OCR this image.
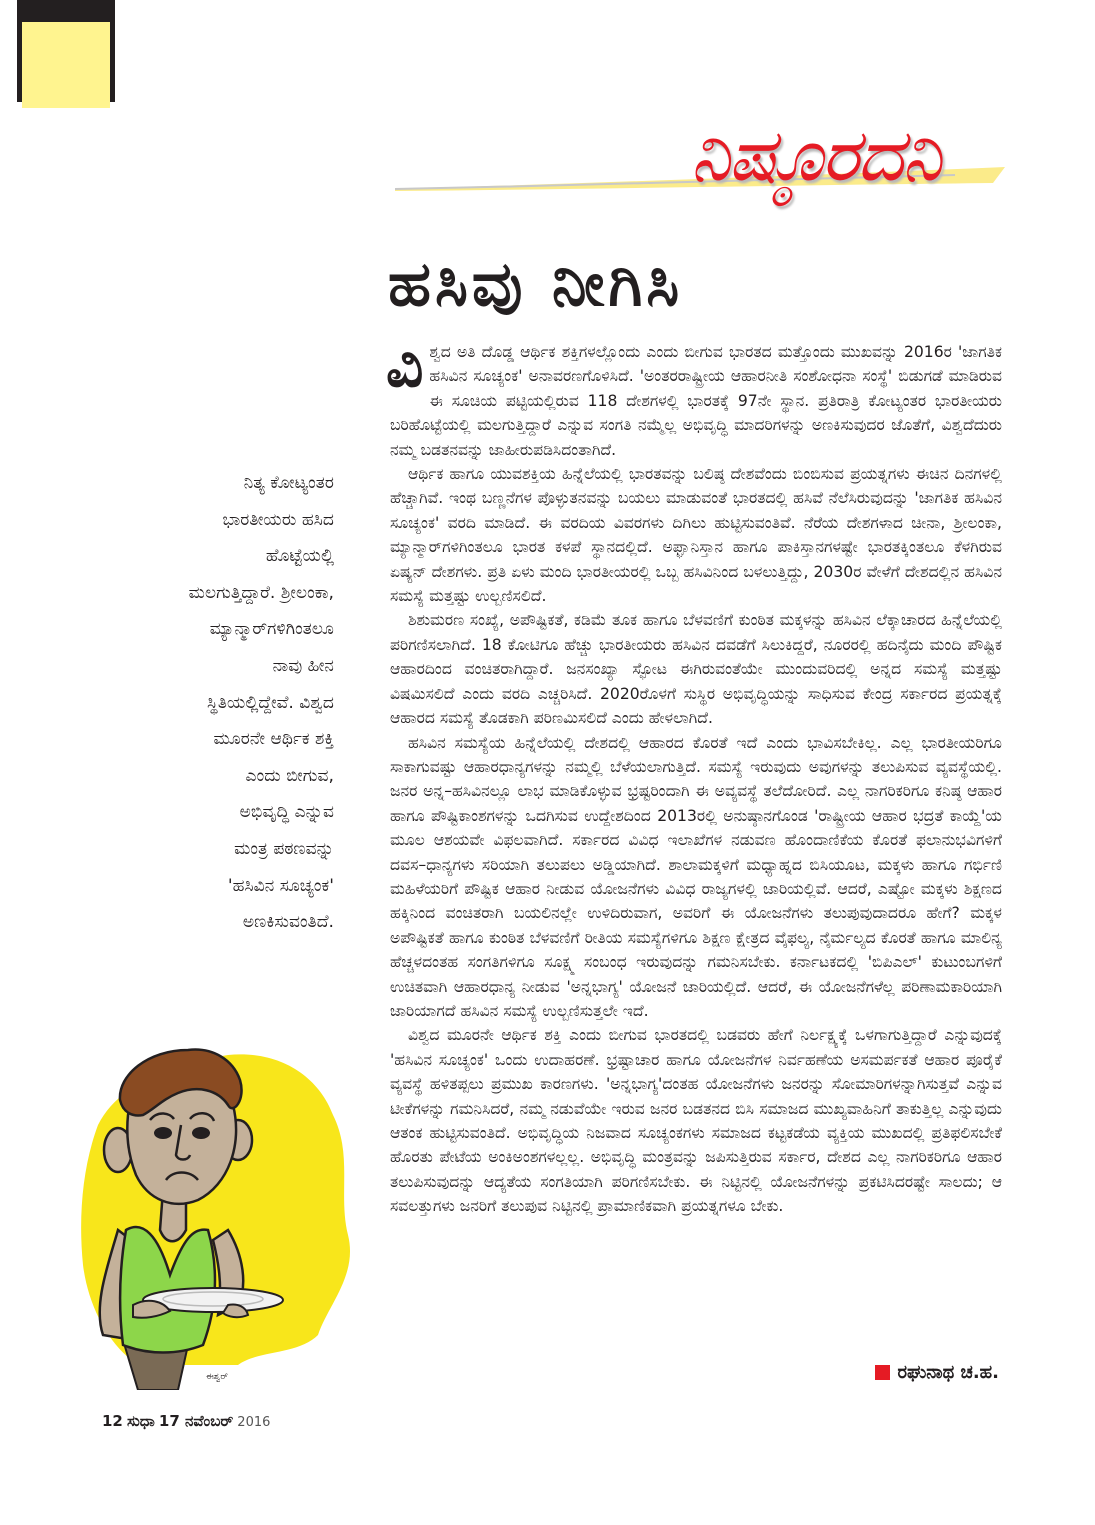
ನಿಷ್ಠೂರದನಿ
ಹಸಿವು ನೀಗಿಸಿ

ವಿಶ್ವದ ಅತಿ ದೊಡ್ಡ ಆರ್ಥಿಕ ಶಕ್ತಿಗಳಲ್ಲೊಂದು ಎಂದು ಬೀಗುವ ಭಾರತದ ಮತ್ತೊಂದು ಮುಖವನ್ನು 2016ರ 'ಜಾಗತಿಕ ಹಸಿವಿನ ಸೂಚ್ಯಂಕ' ಅನಾವರಣಗೊಳಿಸಿದೆ. 'ಅಂತರರಾಷ್ಟ್ರೀಯ ಆಹಾರನೀತಿ ಸಂಶೋಧನಾ ಸಂಸ್ಥೆ' ಬಿಡುಗಡೆ ಮಾಡಿರುವ ಈ ಸೂಚಿಯ ಪಟ್ಟಿಯಲ್ಲಿರುವ 118 ದೇಶಗಳಲ್ಲಿ ಭಾರತಕ್ಕೆ 97ನೇ ಸ್ಥಾನ. ಪ್ರತಿರಾತ್ರಿ ಕೋಟ್ಯಂತರ ಭಾರತೀಯರು ಬರಿಹೊಟ್ಟೆಯಲ್ಲಿ ಮಲಗುತ್ತಿದ್ದಾರೆ ಎನ್ನುವ ಸಂಗತಿ ನಮ್ಮೆಲ್ಲ ಅಭಿವೃದ್ಧಿ ಮಾದರಿಗಳನ್ನು ಅಣಕಿಸುವುದರ ಜೊತೆಗೆ, ವಿಶ್ವದೆದುರು ನಮ್ಮ ಬಡತನವನ್ನು ಜಾಹೀರುಪಡಿಸಿದಂತಾಗಿದೆ.

ಆರ್ಥಿಕ ಹಾಗೂ ಯುವಶಕ್ತಿಯ ಹಿನ್ನೆಲೆಯಲ್ಲಿ ಭಾರತವನ್ನು ಬಲಿಷ್ಠ ದೇಶವೆಂದು ಬಿಂಬಿಸುವ ಪ್ರಯತ್ನಗಳು ಈಚಿನ ದಿನಗಳಲ್ಲಿ ಹೆಚ್ಚಾಗಿವೆ. ಇಂಥ ಬಣ್ಣನೆಗಳ ಪೊಳ್ಳುತನವನ್ನು ಬಯಲು ಮಾಡುವಂತೆ ಭಾರತದಲ್ಲಿ ಹಸಿವೆ ನೆಲೆಸಿರುವುದನ್ನು 'ಜಾಗತಿಕ ಹಸಿವಿನ ಸೂಚ್ಯಂಕ' ವರದಿ ಮಾಡಿದೆ. ಈ ವರದಿಯ ವಿವರಗಳು ದಿಗಿಲು ಹುಟ್ಟಿಸುವಂತಿವೆ. ನೆರೆಯ ದೇಶಗಳಾದ ಚೀನಾ, ಶ್ರೀಲಂಕಾ, ಮ್ಯಾನ್ಮಾರ್‌ಗಳಿಗಿಂತಲೂ ಭಾರತ ಕಳಪೆ ಸ್ಥಾನದಲ್ಲಿದೆ. ಅಫ್ಘಾನಿಸ್ತಾನ ಹಾಗೂ ಪಾಕಿಸ್ತಾನಗಳಷ್ಟೇ ಭಾರತಕ್ಕಿಂತಲೂ ಕೆಳಗಿರುವ ಏಷ್ಯನ್ ದೇಶಗಳು. ಪ್ರತಿ ಏಳು ಮಂದಿ ಭಾರತೀಯರಲ್ಲಿ ಒಬ್ಬ ಹಸಿವಿನಿಂದ ಬಳಲುತ್ತಿದ್ದು, 2030ರ ವೇಳೆಗೆ ದೇಶದಲ್ಲಿನ ಹಸಿವಿನ ಸಮಸ್ಯೆ ಮತ್ತಷ್ಟು ಉಲ್ಬಣಿಸಲಿದೆ.

ಶಿಶುಮರಣ ಸಂಖ್ಯೆ, ಅಪೌಷ್ಟಿಕತೆ, ಕಡಿಮೆ ತೂಕ ಹಾಗೂ ಬೆಳವಣಿಗೆ ಕುಂಠಿತ ಮಕ್ಕಳನ್ನು ಹಸಿವಿನ ಲೆಕ್ಕಾಚಾರದ ಹಿನ್ನೆಲೆಯಲ್ಲಿ ಪರಿಗಣಿಸಲಾಗಿದೆ. 18 ಕೋಟಿಗೂ ಹೆಚ್ಚು ಭಾರತೀಯರು ಹಸಿವಿನ ದವಡೆಗೆ ಸಿಲುಕಿದ್ದರೆ, ನೂರರಲ್ಲಿ ಹದಿನೈದು ಮಂದಿ ಪೌಷ್ಟಿಕ ಆಹಾರದಿಂದ ವಂಚಿತರಾಗಿದ್ದಾರೆ. ಜನಸಂಖ್ಯಾ ಸ್ಫೋಟ ಈಗಿರುವಂತೆಯೇ ಮುಂದುವರಿದಲ್ಲಿ ಅನ್ನದ ಸಮಸ್ಯೆ ಮತ್ತಷ್ಟು ವಿಷಮಿಸಲಿದೆ ಎಂದು ವರದಿ ಎಚ್ಚರಿಸಿದೆ. 2020ರೊಳಗೆ ಸುಸ್ಥಿರ ಅಭಿವೃದ್ಧಿಯನ್ನು ಸಾಧಿಸುವ ಕೇಂದ್ರ ಸರ್ಕಾರದ ಪ್ರಯತ್ನಕ್ಕೆ ಆಹಾರದ ಸಮಸ್ಯೆ ತೊಡಕಾಗಿ ಪರಿಣಮಿಸಲಿದೆ ಎಂದು ಹೇಳಲಾಗಿದೆ.

ಹಸಿವಿನ ಸಮಸ್ಯೆಯ ಹಿನ್ನೆಲೆಯಲ್ಲಿ ದೇಶದಲ್ಲಿ ಆಹಾರದ ಕೊರತೆ ಇದೆ ಎಂದು ಭಾವಿಸಬೇಕಿಲ್ಲ. ಎಲ್ಲ ಭಾರತೀಯರಿಗೂ ಸಾಕಾಗುವಷ್ಟು ಆಹಾರಧಾನ್ಯಗಳನ್ನು ನಮ್ಮಲ್ಲಿ ಬೆಳೆಯಲಾಗುತ್ತಿದೆ. ಸಮಸ್ಯೆ ಇರುವುದು ಅವುಗಳನ್ನು ತಲುಪಿಸುವ ವ್ಯವಸ್ಥೆಯಲ್ಲಿ. ಜನರ ಅನ್ನ–ಹಸಿವಿನಲ್ಲೂ ಲಾಭ ಮಾಡಿಕೊಳ್ಳುವ ಭ್ರಷ್ಟರಿಂದಾಗಿ ಈ ಅವ್ಯವಸ್ಥೆ ತಲೆದೋರಿದೆ. ಎಲ್ಲ ನಾಗರಿಕರಿಗೂ ಕನಿಷ್ಠ ಆಹಾರ ಹಾಗೂ ಪೌಷ್ಟಿಕಾಂಶಗಳನ್ನು ಒದಗಿಸುವ ಉದ್ದೇಶದಿಂದ 2013ರಲ್ಲಿ ಅನುಷ್ಠಾನಗೊಂಡ 'ರಾಷ್ಟ್ರೀಯ ಆಹಾರ ಭದ್ರತೆ ಕಾಯ್ದೆ'ಯ ಮೂಲ ಆಶಯವೇ ವಿಫಲವಾಗಿದೆ. ಸರ್ಕಾರದ ವಿವಿಧ ಇಲಾಖೆಗಳ ನಡುವಣ ಹೊಂದಾಣಿಕೆಯ ಕೊರತೆ ಫಲಾನುಭವಿಗಳಿಗೆ ದವಸ–ಧಾನ್ಯಗಳು ಸರಿಯಾಗಿ ತಲುಪಲು ಅಡ್ಡಿಯಾಗಿದೆ. ಶಾಲಾಮಕ್ಕಳಿಗೆ ಮಧ್ಯಾಹ್ನದ ಬಿಸಿಯೂಟ, ಮಕ್ಕಳು ಹಾಗೂ ಗರ್ಭಿಣಿ ಮಹಿಳೆಯರಿಗೆ ಪೌಷ್ಟಿಕ ಆಹಾರ ನೀಡುವ ಯೋಜನೆಗಳು ವಿವಿಧ ರಾಜ್ಯಗಳಲ್ಲಿ ಜಾರಿಯಲ್ಲಿವೆ. ಆದರೆ, ಎಷ್ಟೋ ಮಕ್ಕಳು ಶಿಕ್ಷಣದ ಹಕ್ಕಿನಿಂದ ವಂಚಿತರಾಗಿ ಬಯಲಿನಲ್ಲೇ ಉಳಿದಿರುವಾಗ, ಅವರಿಗೆ ಈ ಯೋಜನೆಗಳು ತಲುಪುವುದಾದರೂ ಹೇಗೆ? ಮಕ್ಕಳ ಅಪೌಷ್ಟಿಕತೆ ಹಾಗೂ ಕುಂಠಿತ ಬೆಳವಣಿಗೆ ರೀತಿಯ ಸಮಸ್ಯೆಗಳಿಗೂ ಶಿಕ್ಷಣ ಕ್ಷೇತ್ರದ ವೈಫಲ್ಯ, ನೈರ್ಮಲ್ಯದ ಕೊರತೆ ಹಾಗೂ ಮಾಲಿನ್ಯ ಹೆಚ್ಚಳದಂತಹ ಸಂಗತಿಗಳಿಗೂ ಸೂಕ್ಷ್ಮ ಸಂಬಂಧ ಇರುವುದನ್ನು ಗಮನಿಸಬೇಕು. ಕರ್ನಾಟಕದಲ್ಲಿ 'ಬಿಪಿಎಲ್' ಕುಟುಂಬಗಳಿಗೆ ಉಚಿತವಾಗಿ ಆಹಾರಧಾನ್ಯ ನೀಡುವ 'ಅನ್ನಭಾಗ್ಯ' ಯೋಜನೆ ಜಾರಿಯಲ್ಲಿದೆ. ಆದರೆ, ಈ ಯೋಜನೆಗಳೆಲ್ಲ ಪರಿಣಾಮಕಾರಿಯಾಗಿ ಜಾರಿಯಾಗದೆ ಹಸಿವಿನ ಸಮಸ್ಯೆ ಉಲ್ಬಣಿಸುತ್ತಲೇ ಇದೆ.

ವಿಶ್ವದ ಮೂರನೇ ಆರ್ಥಿಕ ಶಕ್ತಿ ಎಂದು ಬೀಗುವ ಭಾರತದಲ್ಲಿ ಬಡವರು ಹೇಗೆ ನಿರ್ಲಕ್ಷ್ಯಕ್ಕೆ ಒಳಗಾಗುತ್ತಿದ್ದಾರೆ ಎನ್ನುವುದಕ್ಕೆ 'ಹಸಿವಿನ ಸೂಚ್ಯಂಕ' ಒಂದು ಉದಾಹರಣೆ. ಭ್ರಷ್ಟಾಚಾರ ಹಾಗೂ ಯೋಜನೆಗಳ ನಿರ್ವಹಣೆಯ ಅಸಮರ್ಪಕತೆ ಆಹಾರ ಪೂರೈಕೆ ವ್ಯವಸ್ಥೆ ಹಳಿತಪ್ಪಲು ಪ್ರಮುಖ ಕಾರಣಗಳು. 'ಅನ್ನಭಾಗ್ಯ'ದಂತಹ ಯೋಜನೆಗಳು ಜನರನ್ನು ಸೋಮಾರಿಗಳನ್ನಾಗಿಸುತ್ತವೆ ಎನ್ನುವ ಟೀಕೆಗಳನ್ನು ಗಮನಿಸಿದರೆ, ನಮ್ಮ ನಡುವೆಯೇ ಇರುವ ಜನರ ಬಡತನದ ಬಿಸಿ ಸಮಾಜದ ಮುಖ್ಯವಾಹಿನಿಗೆ ತಾಕುತ್ತಿಲ್ಲ ಎನ್ನುವುದು ಆತಂಕ ಹುಟ್ಟಿಸುವಂತಿದೆ. ಅಭಿವೃದ್ಧಿಯ ನಿಜವಾದ ಸೂಚ್ಯಂಕಗಳು ಸಮಾಜದ ಕಟ್ಟಕಡೆಯ ವ್ಯಕ್ತಿಯ ಮುಖದಲ್ಲಿ ಪ್ರತಿಫಲಿಸಬೇಕೆ ಹೊರತು ಪೇಟೆಯ ಅಂಕಿಅಂಶಗಳಲ್ಲಲ್ಲ. ಅಭಿವೃದ್ಧಿ ಮಂತ್ರವನ್ನು ಜಪಿಸುತ್ತಿರುವ ಸರ್ಕಾರ, ದೇಶದ ಎಲ್ಲ ನಾಗರಿಕರಿಗೂ ಆಹಾರ ತಲುಪಿಸುವುದನ್ನು ಆದ್ಯತೆಯ ಸಂಗತಿಯಾಗಿ ಪರಿಗಣಿಸಬೇಕು. ಈ ನಿಟ್ಟಿನಲ್ಲಿ ಯೋಜನೆಗಳನ್ನು ಪ್ರಕಟಿಸಿದರಷ್ಟೇ ಸಾಲದು; ಆ ಸವಲತ್ತುಗಳು ಜನರಿಗೆ ತಲುಪುವ ನಿಟ್ಟಿನಲ್ಲಿ ಪ್ರಾಮಾಣಿಕವಾಗಿ ಪ್ರಯತ್ನಗಳೂ ಬೇಕು.

ರಘುನಾಥ ಚ.ಹ.
ನಿತ್ಯ ಕೋಟ್ಯಂತರ
ಭಾರತೀಯರು ಹಸಿದ
ಹೊಟ್ಟೆಯಲ್ಲಿ
ಮಲಗುತ್ತಿದ್ದಾರೆ. ಶ್ರೀಲಂಕಾ,
ಮ್ಯಾನ್ಮಾರ್‌ಗಳಿಗಿಂತಲೂ
ನಾವು ಹೀನ
ಸ್ಥಿತಿಯಲ್ಲಿದ್ದೇವೆ. ವಿಶ್ವದ
ಮೂರನೇ ಆರ್ಥಿಕ ಶಕ್ತಿ
ಎಂದು ಬೀಗುವ,
ಅಭಿವೃದ್ಧಿ ಎನ್ನುವ
ಮಂತ್ರ ಪಠಣವನ್ನು
'ಹಸಿವಿನ ಸೂಚ್ಯಂಕ'
ಅಣಕಿಸುವಂತಿದೆ.
ಈಶ್ವರ್
12 ಸುಧಾ 17 ನವೆಂಬರ್ 2016
